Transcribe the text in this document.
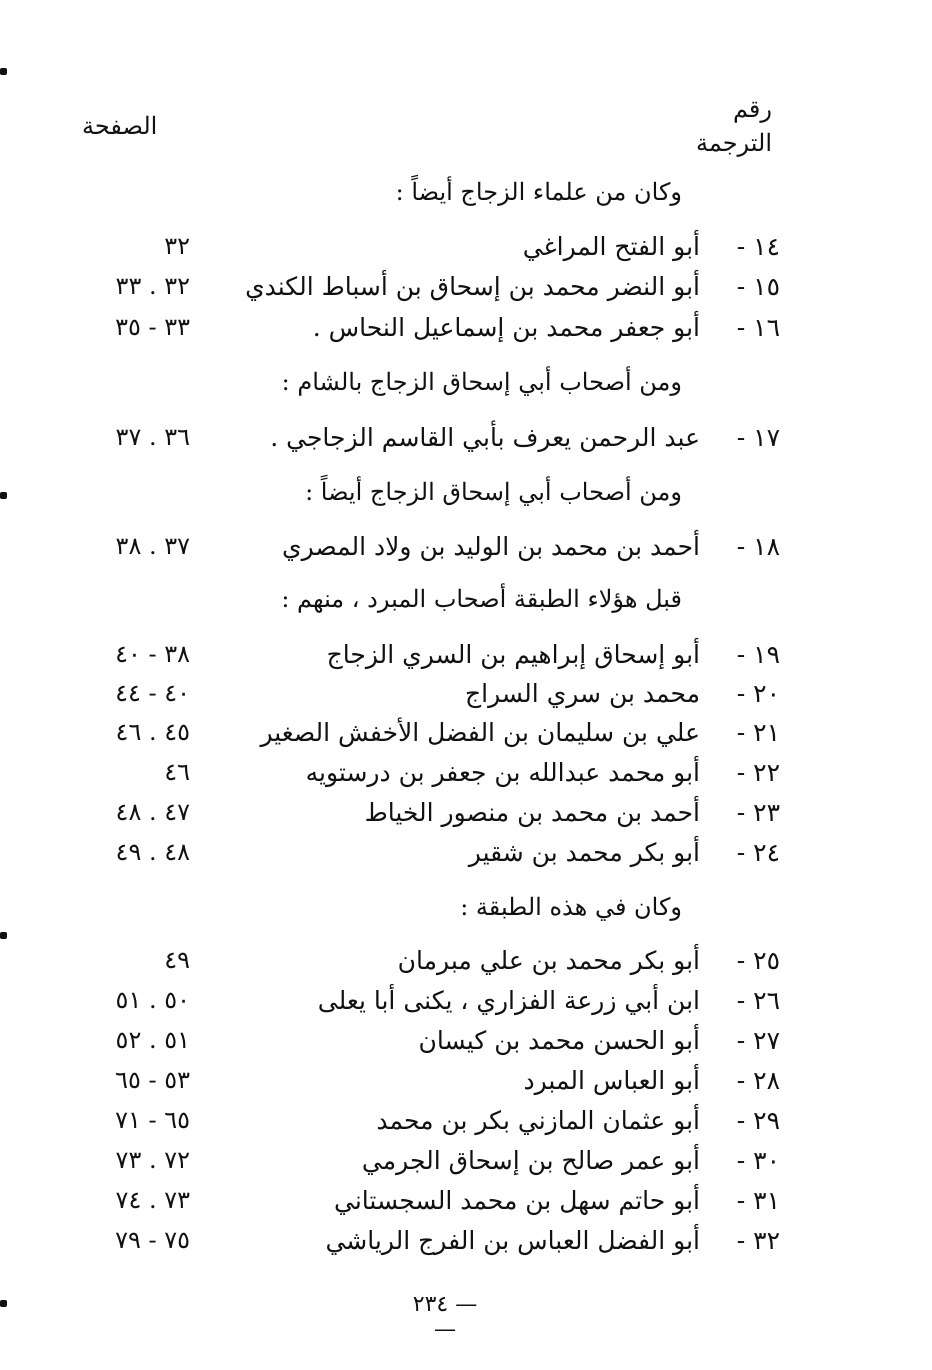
رقم
الترجمة
الصفحة
وكان من علماء الزجاج أيضاً :
١٤ -
أبو الفتح المراغي
٣٢
١٥ -
أبو النضر محمد بن إسحاق بن أسباط الكندي
٣٢ . ٣٣
١٦ -
أبو جعفر محمد بن إسماعيل النحاس .
٣٣ - ٣٥
ومن أصحاب أبي إسحاق الزجاج بالشام :
١٧ -
عبد الرحمن يعرف بأبي القاسم الزجاجي .
٣٦ . ٣٧
ومن أصحاب أبي إسحاق الزجاج أيضاً :
١٨ -
أحمد بن محمد بن الوليد بن ولاد المصري
٣٧ . ٣٨
قبل هؤلاء الطبقة أصحاب المبرد ، منهم :
١٩ -
أبو إسحاق إبراهيم بن السري الزجاج
٣٨ - ٤٠
٢٠ -
محمد بن سري السراج
٤٠ - ٤٤
٢١ -
علي بن سليمان بن الفضل الأخفش الصغير
٤٥ . ٤٦
٢٢ -
أبو محمد عبدالله بن جعفر بن درستويه
٤٦
٢٣ -
أحمد بن محمد بن منصور الخياط
٤٧ . ٤٨
٢٤ -
أبو بكر محمد بن شقير
٤٨ . ٤٩
وكان في هذه الطبقة :
٢٥ -
أبو بكر محمد بن علي مبرمان
٤٩
٢٦ -
ابن أبي زرعة الفزاري ، يكنى أبا يعلى
٥٠ . ٥١
٢٧ -
أبو الحسن محمد بن كيسان
٥١ . ٥٢
٢٨ -
أبو العباس المبرد
٥٣ - ٦٥
٢٩ -
أبو عثمان المازني بكر بن محمد
٦٥ - ٧١
٣٠ -
أبو عمر صالح بن إسحاق الجرمي
٧٢ . ٧٣
٣١ -
أبو حاتم سهل بن محمد السجستاني
٧٣ . ٧٤
٣٢ -
أبو الفضل العباس بن الفرج الرياشي
٧٥ - ٧٩
— ٢٣٤ —
